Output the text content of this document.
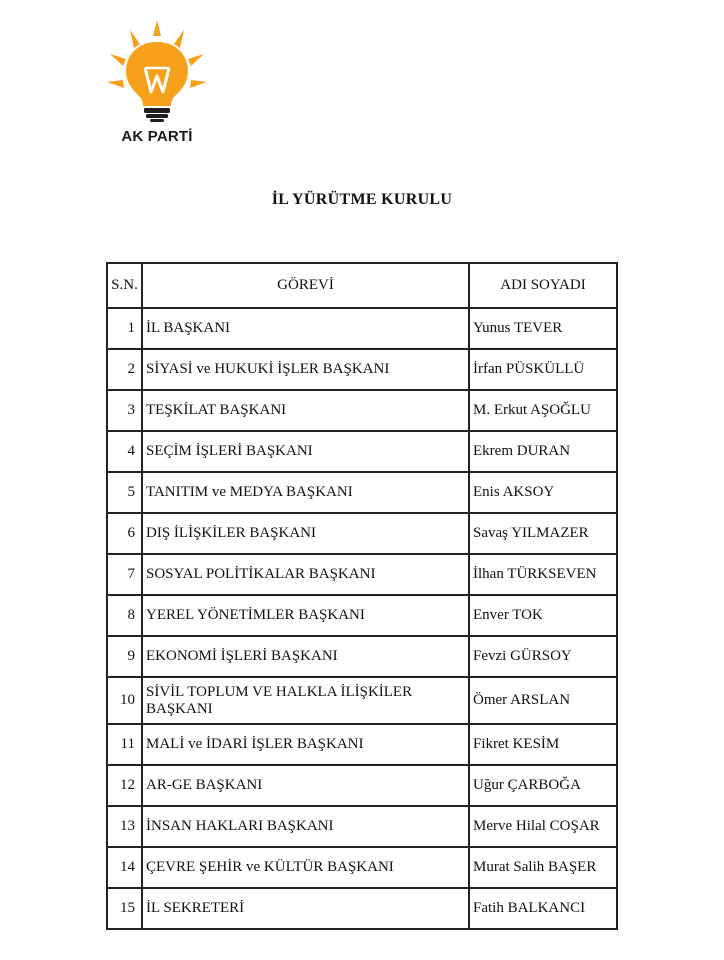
AK PARTİ
İL YÜRÜTME KURULU
S.N.	GÖREVİ	ADI SOYADI
1	İL BAŞKANI	Yunus TEVER
2	SİYASİ ve HUKUKİ İŞLER BAŞKANI	İrfan PÜSKÜLLÜ
3	TEŞKİLAT BAŞKANI	M. Erkut AŞOĞLU
4	SEÇİM İŞLERİ BAŞKANI	Ekrem DURAN
5	TANITIM ve MEDYA BAŞKANI	Enis AKSOY
6	DIŞ İLİŞKİLER BAŞKANI	Savaş YILMAZER
7	SOSYAL POLİTİKALAR BAŞKANI	İlhan TÜRKSEVEN
8	YEREL YÖNETİMLER BAŞKANI	Enver TOK
9	EKONOMİ İŞLERİ BAŞKANI	Fevzi GÜRSOY
10	SİVİL TOPLUM VE HALKLA İLİŞKİLER BAŞKANI	Ömer ARSLAN
11	MALİ ve İDARİ İŞLER BAŞKANI	Fikret KESİM
12	AR-GE BAŞKANI	Uğur ÇARBOĞA
13	İNSAN HAKLARI BAŞKANI	Merve Hilal COŞAR
14	ÇEVRE ŞEHİR ve KÜLTÜR BAŞKANI	Murat Salih BAŞER
15	İL SEKRETERİ	Fatih BALKANCI
